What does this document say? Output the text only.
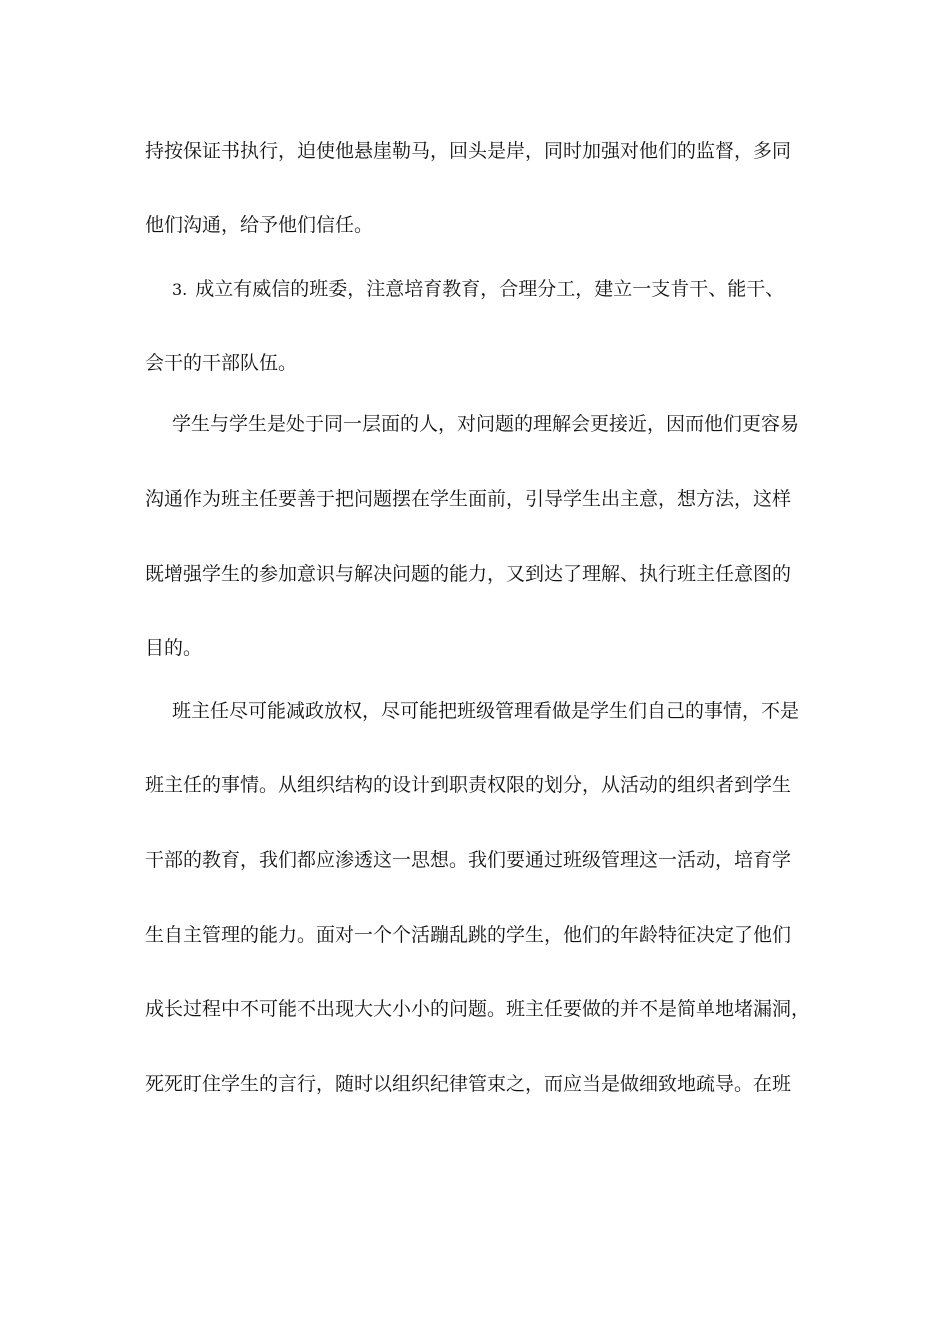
持按保证书执行，迫使他悬崖勒马，回头是岸，同时加强对他们的监督，多同

他们沟通，给予他们信任。

3. 成立有威信的班委，注意培育教育，合理分工，建立一支肯干、能干、

会干的干部队伍。

学生与学生是处于同一层面的人，对问题的理解会更接近，因而他们更容易

沟通作为班主任要善于把问题摆在学生面前，引导学生出主意，想方法，这样

既增强学生的参加意识与解决问题的能力，又到达了理解、执行班主任意图的

目的。

班主任尽可能减政放权，尽可能把班级管理看做是学生们自己的事情，不是

班主任的事情。从组织结构的设计到职责权限的划分，从活动的组织者到学生

干部的教育，我们都应渗透这一思想。我们要通过班级管理这一活动，培育学

生自主管理的能力。面对一个个活蹦乱跳的学生，他们的年龄特征决定了他们

成长过程中不可能不出现大大小小的问题。班主任要做的并不是简单地堵漏洞，

死死盯住学生的言行，随时以组织纪律管束之，而应当是做细致地疏导。在班
